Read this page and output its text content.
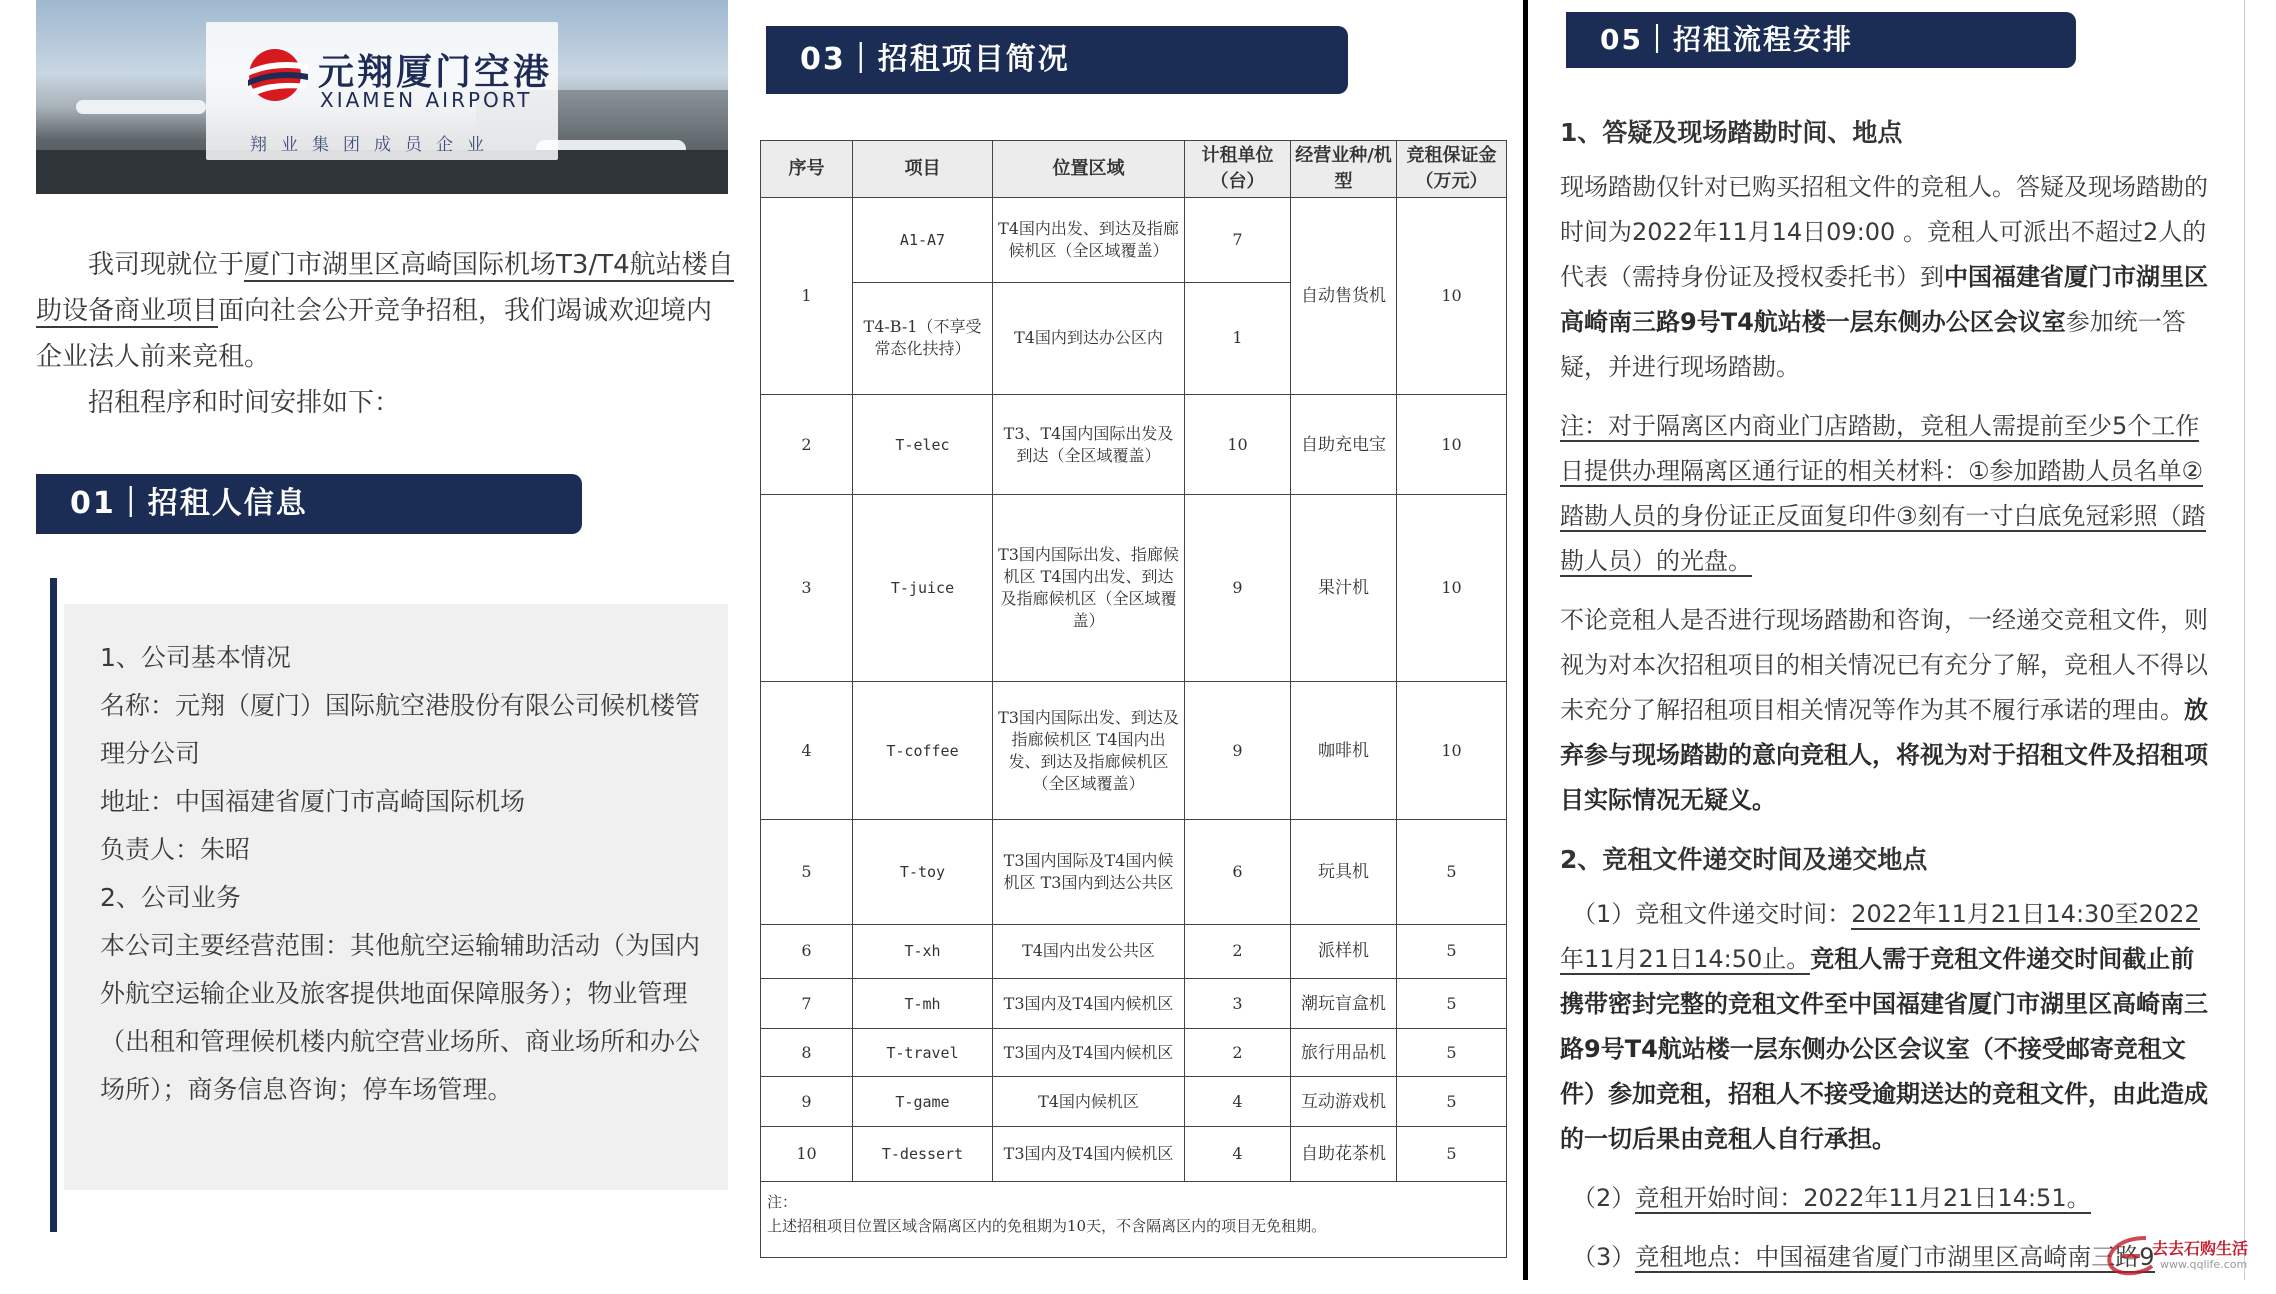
元翔厦门空港
XIAMEN AIRPORT
翔业集团成员企业

我司现就位于厦门市湖里区高崎国际机场T3/T4航站楼自助设备商业项目面向社会公开竞争招租，我们竭诚欢迎境内企业法人前来竞租。

招租程序和时间安排如下：

01｜招租人信息
1、公司基本情况
名称：元翔（厦门）国际航空港股份有限公司候机楼管理分公司
地址：中国福建省厦门市高崎国际机场
负责人：朱昭
2、公司业务
本公司主要经营范围：其他航空运输辅助活动（为国内外航空运输企业及旅客提供地面保障服务）；物业管理（出租和管理候机楼内航空营业场所、商业场所和办公场所）；商务信息咨询；停车场管理。
03｜招租项目简况
序号	项目	位置区域	计租单位（台）	经营业种/机型	竞租保证金（万元）
1	A1-A7	T4国内出发、到达及指廊候机区（全区域覆盖）	7	自动售货机	10
	T4-B-1（不享受常态化扶持）	T4国内到达办公区内	1		
2	T-elec	T3、T4国内国际出发及到达（全区域覆盖）	10	自助充电宝	10
3	T-juice	T3国内国际出发、指廊候机区 T4国内出发、到达及指廊候机区（全区域覆盖）	9	果汁机	10
4	T-coffee	T3国内国际出发、到达及指廊候机区 T4国内出发、到达及指廊候机区（全区域覆盖）	9	咖啡机	10
5	T-toy	T3国内国际及T4国内候机区 T3国内到达公共区	6	玩具机	5
6	T-xh	T4国内出发公共区	2	派样机	5
7	T-mh	T3国内及T4国内候机区	3	潮玩盲盒机	5
8	T-travel	T3国内及T4国内候机区	2	旅行用品机	5
9	T-game	T4国内候机区	4	互动游戏机	5
10	T-dessert	T3国内及T4国内候机区	4	自助花茶机	5

注：
上述招租项目位置区域含隔离区内的免租期为10天，不含隔离区内的项目无免租期。					
05｜招租流程安排
1、答疑及现场踏勘时间、地点

现场踏勘仅针对已购买招租文件的竞租人。答疑及现场踏勘的时间为2022年11月14日09:00 。竞租人可派出不超过2人的代表（需持身份证及授权委托书）到中国福建省厦门市湖里区高崎南三路9号T4航站楼一层东侧办公区会议室参加统一答疑，并进行现场踏勘。

注：对于隔离区内商业门店踏勘，竞租人需提前至少5个工作日提供办理隔离区通行证的相关材料：①参加踏勘人员名单②踏勘人员的身份证正反面复印件③刻有一寸白底免冠彩照（踏勘人员）的光盘。

不论竞租人是否进行现场踏勘和咨询，一经递交竞租文件，则视为对本次招租项目的相关情况已有充分了解，竞租人不得以未充分了解招租项目相关情况等作为其不履行承诺的理由。放弃参与现场踏勘的意向竞租人，将视为对于招租文件及招租项目实际情况无疑义。

2、竞租文件递交时间及递交地点

（1）竞租文件递交时间：2022年11月21日14:30至2022年11月21日14:50止。竞租人需于竞租文件递交时间截止前携带密封完整的竞租文件至中国福建省厦门市湖里区高崎南三路9号T4航站楼一层东侧办公区会议室（不接受邮寄竞租文件）参加竞租，招租人不接受逾期送达的竞租文件，由此造成的一切后果由竞租人自行承担。

（2）竞租开始时间：2022年11月21日14:51。

（3）竞租地点：中国福建省厦门市湖里区高崎南三路9

去去石购生活
www.qqlife.com
